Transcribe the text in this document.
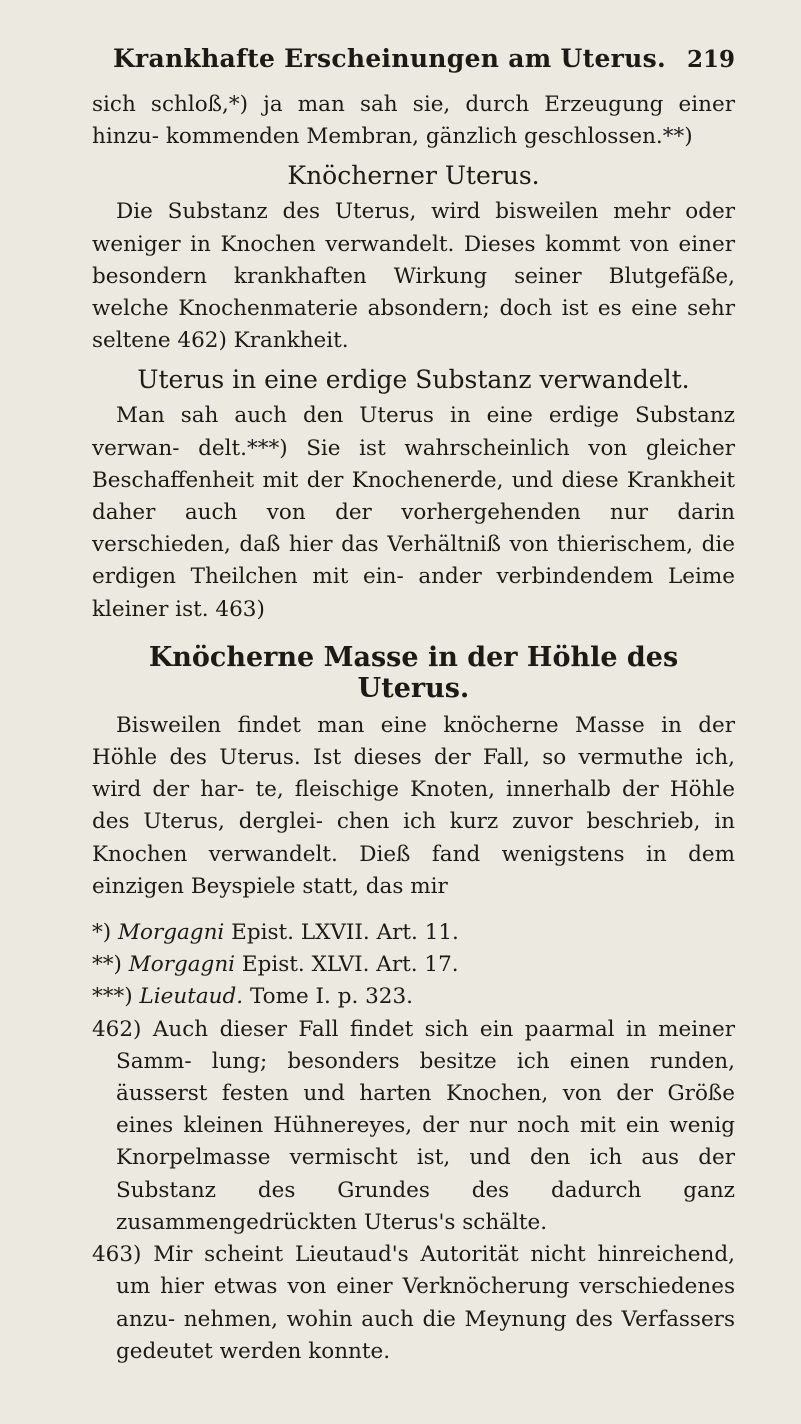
Krankhafte Erscheinungen am Uterus. 219

sich schloß,*) ja man sah sie, durch Erzeugung einer hinzu- kommenden Membran, gänzlich geschlossen.**)

Knöcherner Uterus.

Die Substanz des Uterus, wird bisweilen mehr oder weniger in Knochen verwandelt. Dieses kommt von einer besondern krankhaften Wirkung seiner Blutgefäße, welche Knochenmaterie absondern; doch ist es eine sehr seltene 462) Krankheit.

Uterus in eine erdige Substanz verwandelt.

Man sah auch den Uterus in eine erdige Substanz verwan- delt.***) Sie ist wahrscheinlich von gleicher Beschaffenheit mit der Knochenerde, und diese Krankheit daher auch von der vorhergehenden nur darin verschieden, daß hier das Verhältniß von thierischem, die erdigen Theilchen mit ein- ander verbindendem Leime kleiner ist. 463)

Knöcherne Masse in der Höhle des Uterus.

Bisweilen findet man eine knöcherne Masse in der Höhle des Uterus. Ist dieses der Fall, so vermuthe ich, wird der har- te, fleischige Knoten, innerhalb der Höhle des Uterus, derglei- chen ich kurz zuvor beschrieb, in Knochen verwandelt. Dieß fand wenigstens in dem einzigen Beyspiele statt, das mir

*) Morgagni Epist. LXVII. Art. 11.

**) Morgagni Epist. XLVI. Art. 17.

***) Lieutaud. Tome I. p. 323.

462) Auch dieser Fall findet sich ein paarmal in meiner Samm- lung; besonders besitze ich einen runden, äusserst festen und harten Knochen, von der Größe eines kleinen Hühnereyes, der nur noch mit ein wenig Knorpelmasse vermischt ist, und den ich aus der Substanz des Grundes des dadurch ganz zusammengedrückten Uterus's schälte.

463) Mir scheint Lieutaud's Autorität nicht hinreichend, um hier etwas von einer Verknöcherung verschiedenes anzu- nehmen, wohin auch die Meynung des Verfassers gedeutet werden konnte.
